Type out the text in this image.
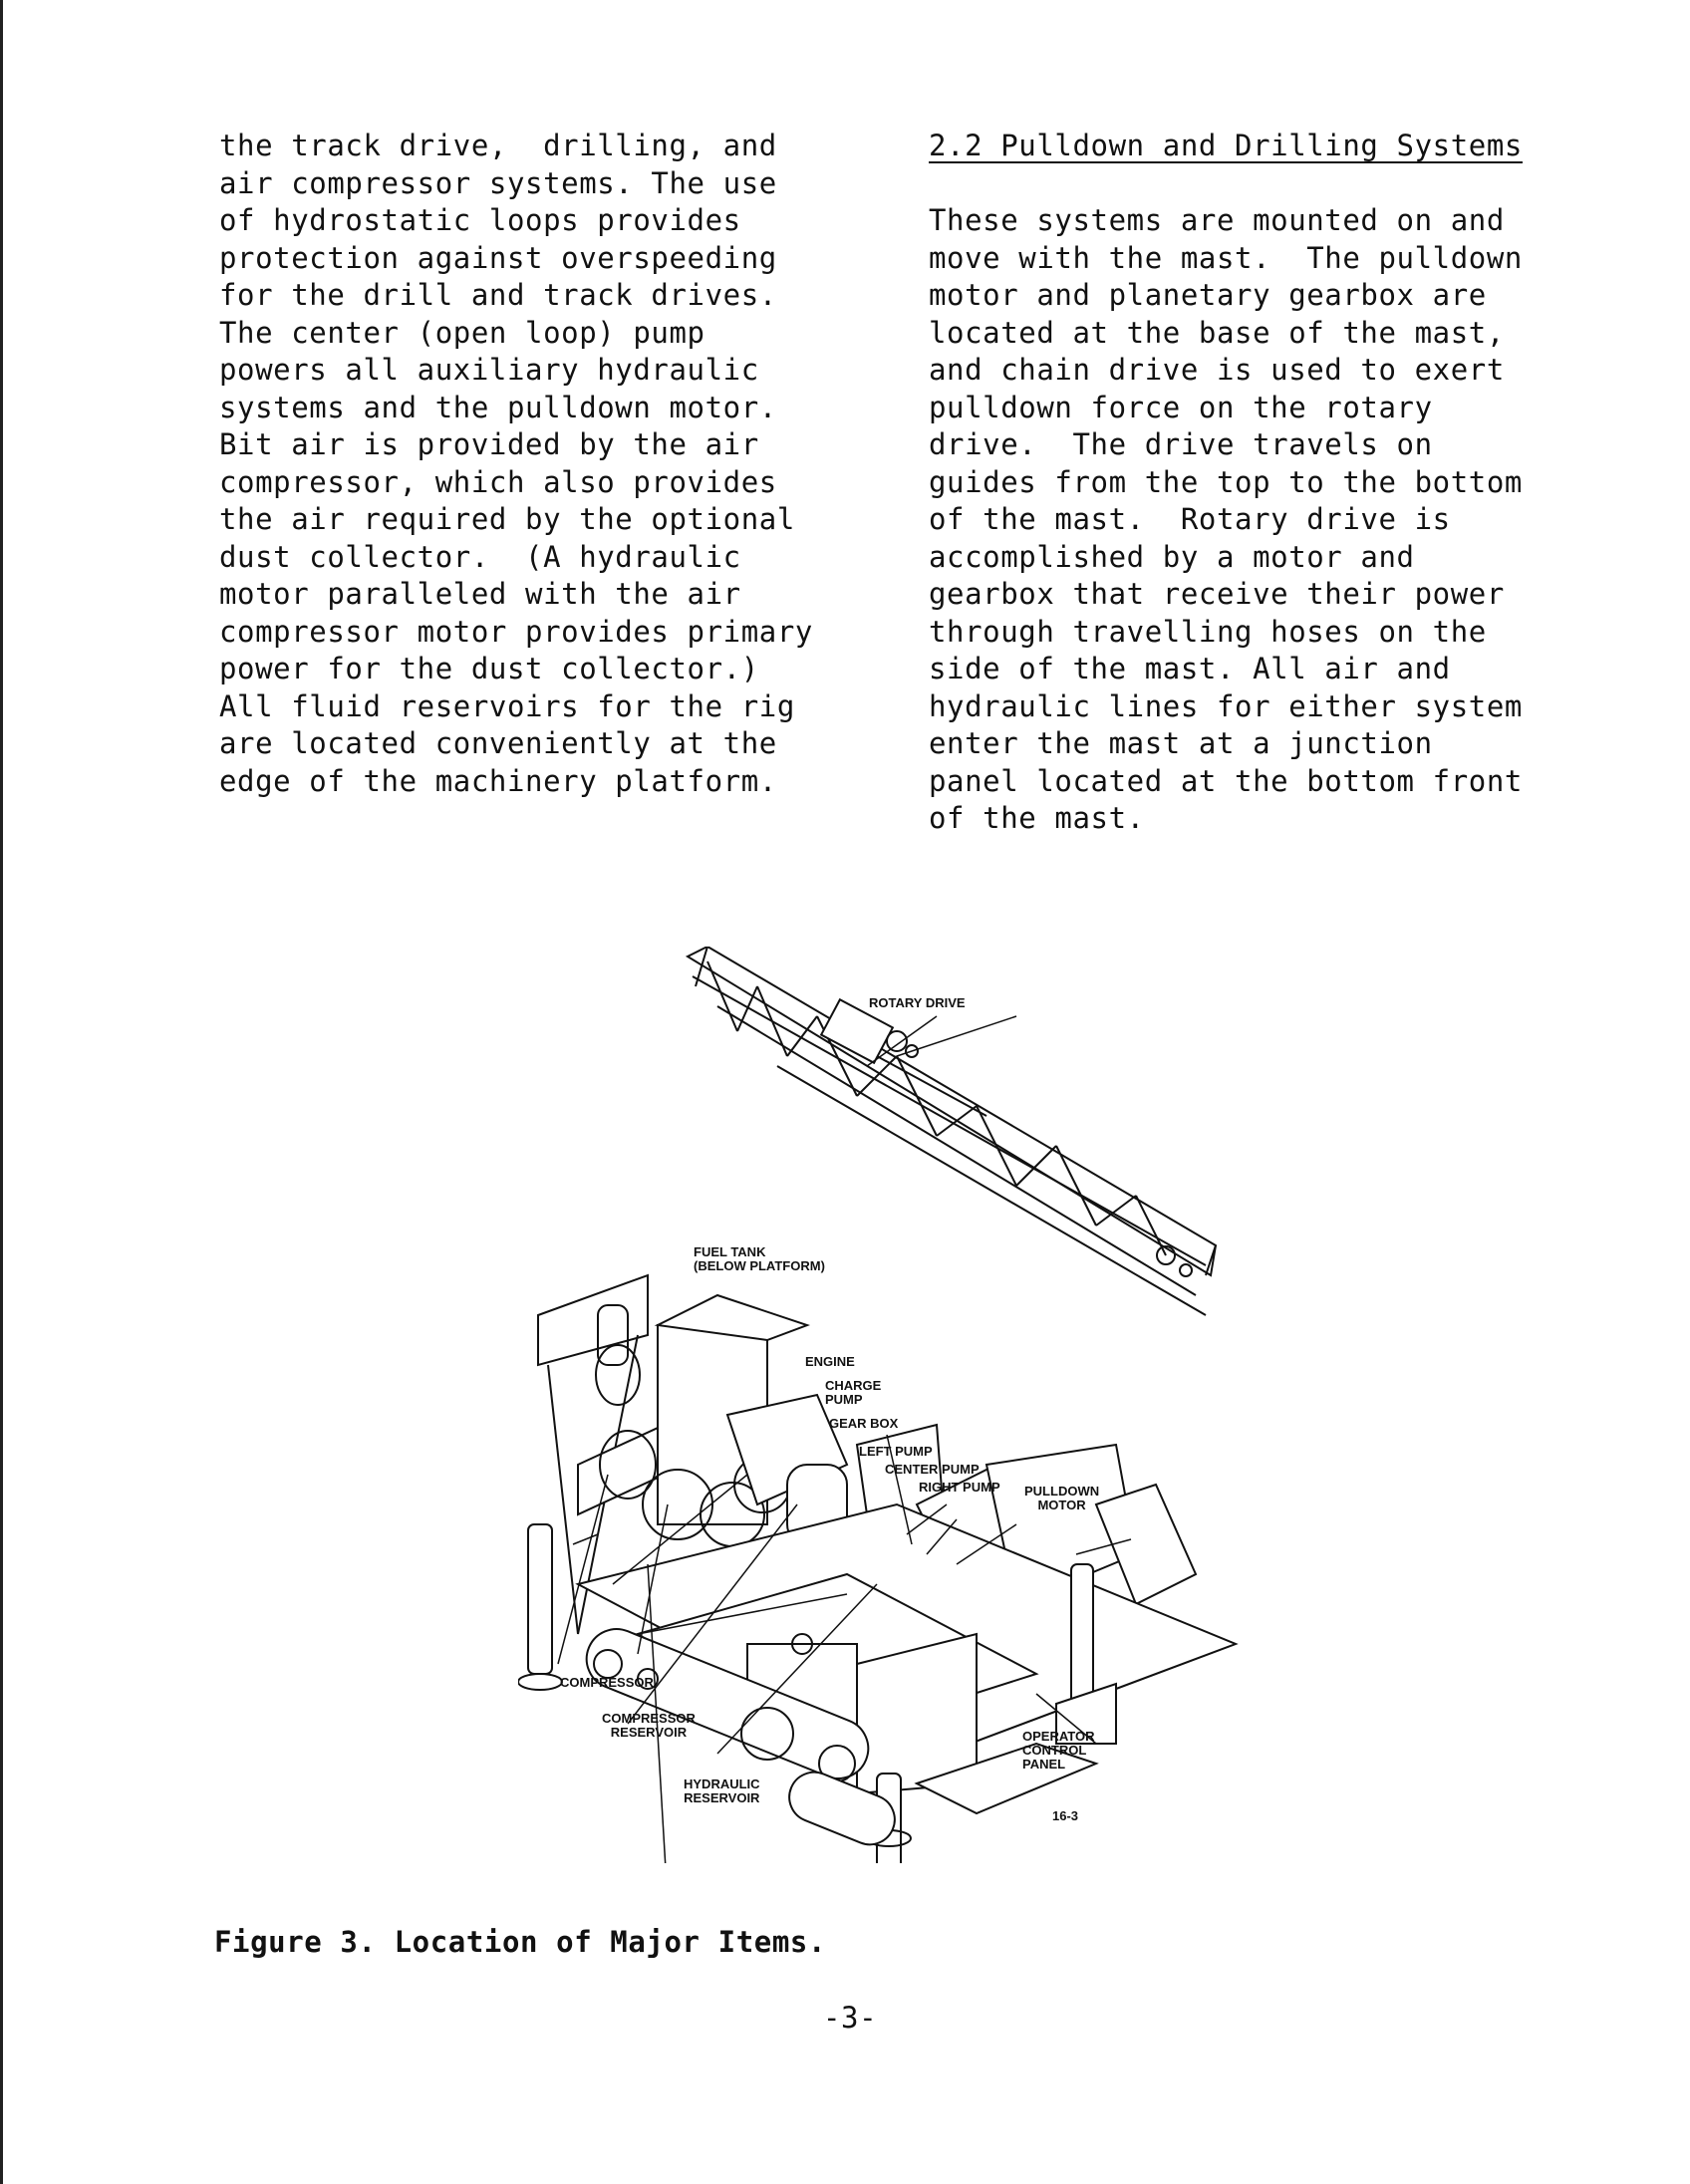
the track drive,  drilling, and

air compressor systems. The use

of hydrostatic loops provides

protection against overspeeding

for the drill and track drives.

The center (open loop) pump

powers all auxiliary hydraulic

systems and the pulldown motor.

Bit air is provided by the air

compressor, which also provides

the air required by the optional

dust collector.  (A hydraulic

motor paralleled with the air

compressor motor provides primary

power for the dust collector.)

All fluid reservoirs for the rig

are located conveniently at the

edge of the machinery platform.

2.2 Pulldown and Drilling Systems

These systems are mounted on and

move with the mast.  The pulldown

motor and planetary gearbox are

located at the base of the mast,

and chain drive is used to exert

pulldown force on the rotary

drive.  The drive travels on

guides from the top to the bottom

of the mast.  Rotary drive is

accomplished by a motor and

gearbox that receive their power

through travelling hoses on the

side of the mast. All air and

hydraulic lines for either system

enter the mast at a junction

panel located at the bottom front

of the mast.

ROTARY DRIVE
FUEL TANK
(BELOW PLATFORM)
ENGINE
CHARGE
PUMP
GEAR BOX
LEFT PUMP
CENTER PUMP
RIGHT PUMP PULLDOWN
MOTOR
COMPRESSOR
COMPRESSOR
RESERVOIR
HYDRAULIC
RESERVOIR
OPERATOR
CONTROL
PANEL
16-3
Figure 3. Location of Major Items.
-3-
